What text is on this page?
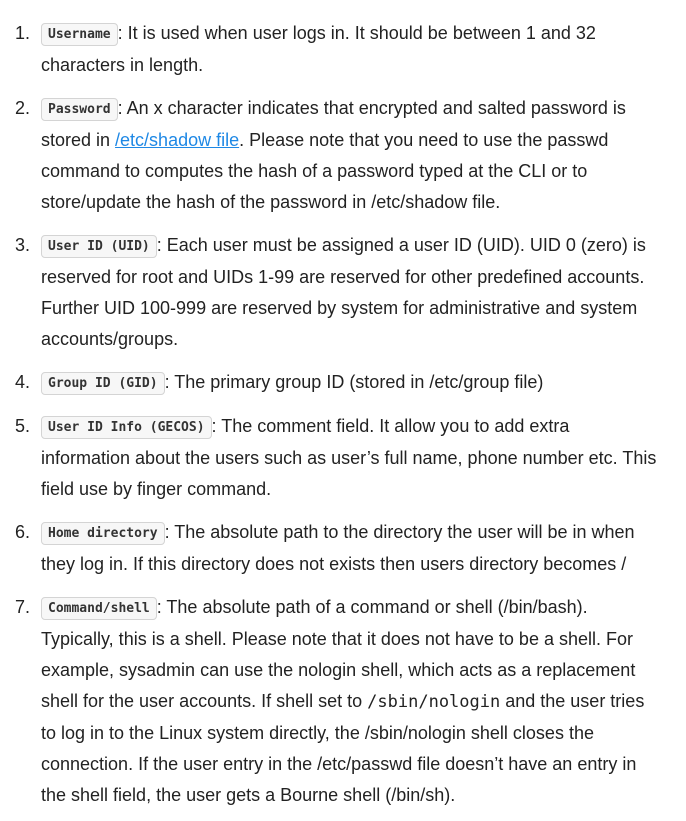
1.	Username : It is used when user logs in. It should be between 1 and 32 characters in length.
2.	Password : An x character indicates that encrypted and salted password is stored in /etc/shadow file. Please note that you need to use the passwd command to computes the hash of a password typed at the CLI or to store/update the hash of the password in /etc/shadow file.
3.	User ID (UID) : Each user must be assigned a user ID (UID). UID 0 (zero) is reserved for root and UIDs 1-99 are reserved for other predefined accounts. Further UID 100-999 are reserved by system for administrative and system accounts/groups.
4.	Group ID (GID) : The primary group ID (stored in /etc/group file)
5.	User ID Info (GECOS) : The comment field. It allow you to add extra information about the users such as user’s full name, phone number etc. This field use by finger command.
6.	Home directory : The absolute path to the directory the user will be in when they log in. If this directory does not exists then users directory becomes /
7.	Command/shell : The absolute path of a command or shell (/bin/bash). Typically, this is a shell. Please note that it does not have to be a shell. For example, sysadmin can use the nologin shell, which acts as a replacement shell for the user accounts. If shell set to /sbin/nologin and the user tries to log in to the Linux system directly, the /sbin/nologin shell closes the connection. If the user entry in the /etc/passwd file doesn’t have an entry in the shell field, the user gets a Bourne shell (/bin/sh).
